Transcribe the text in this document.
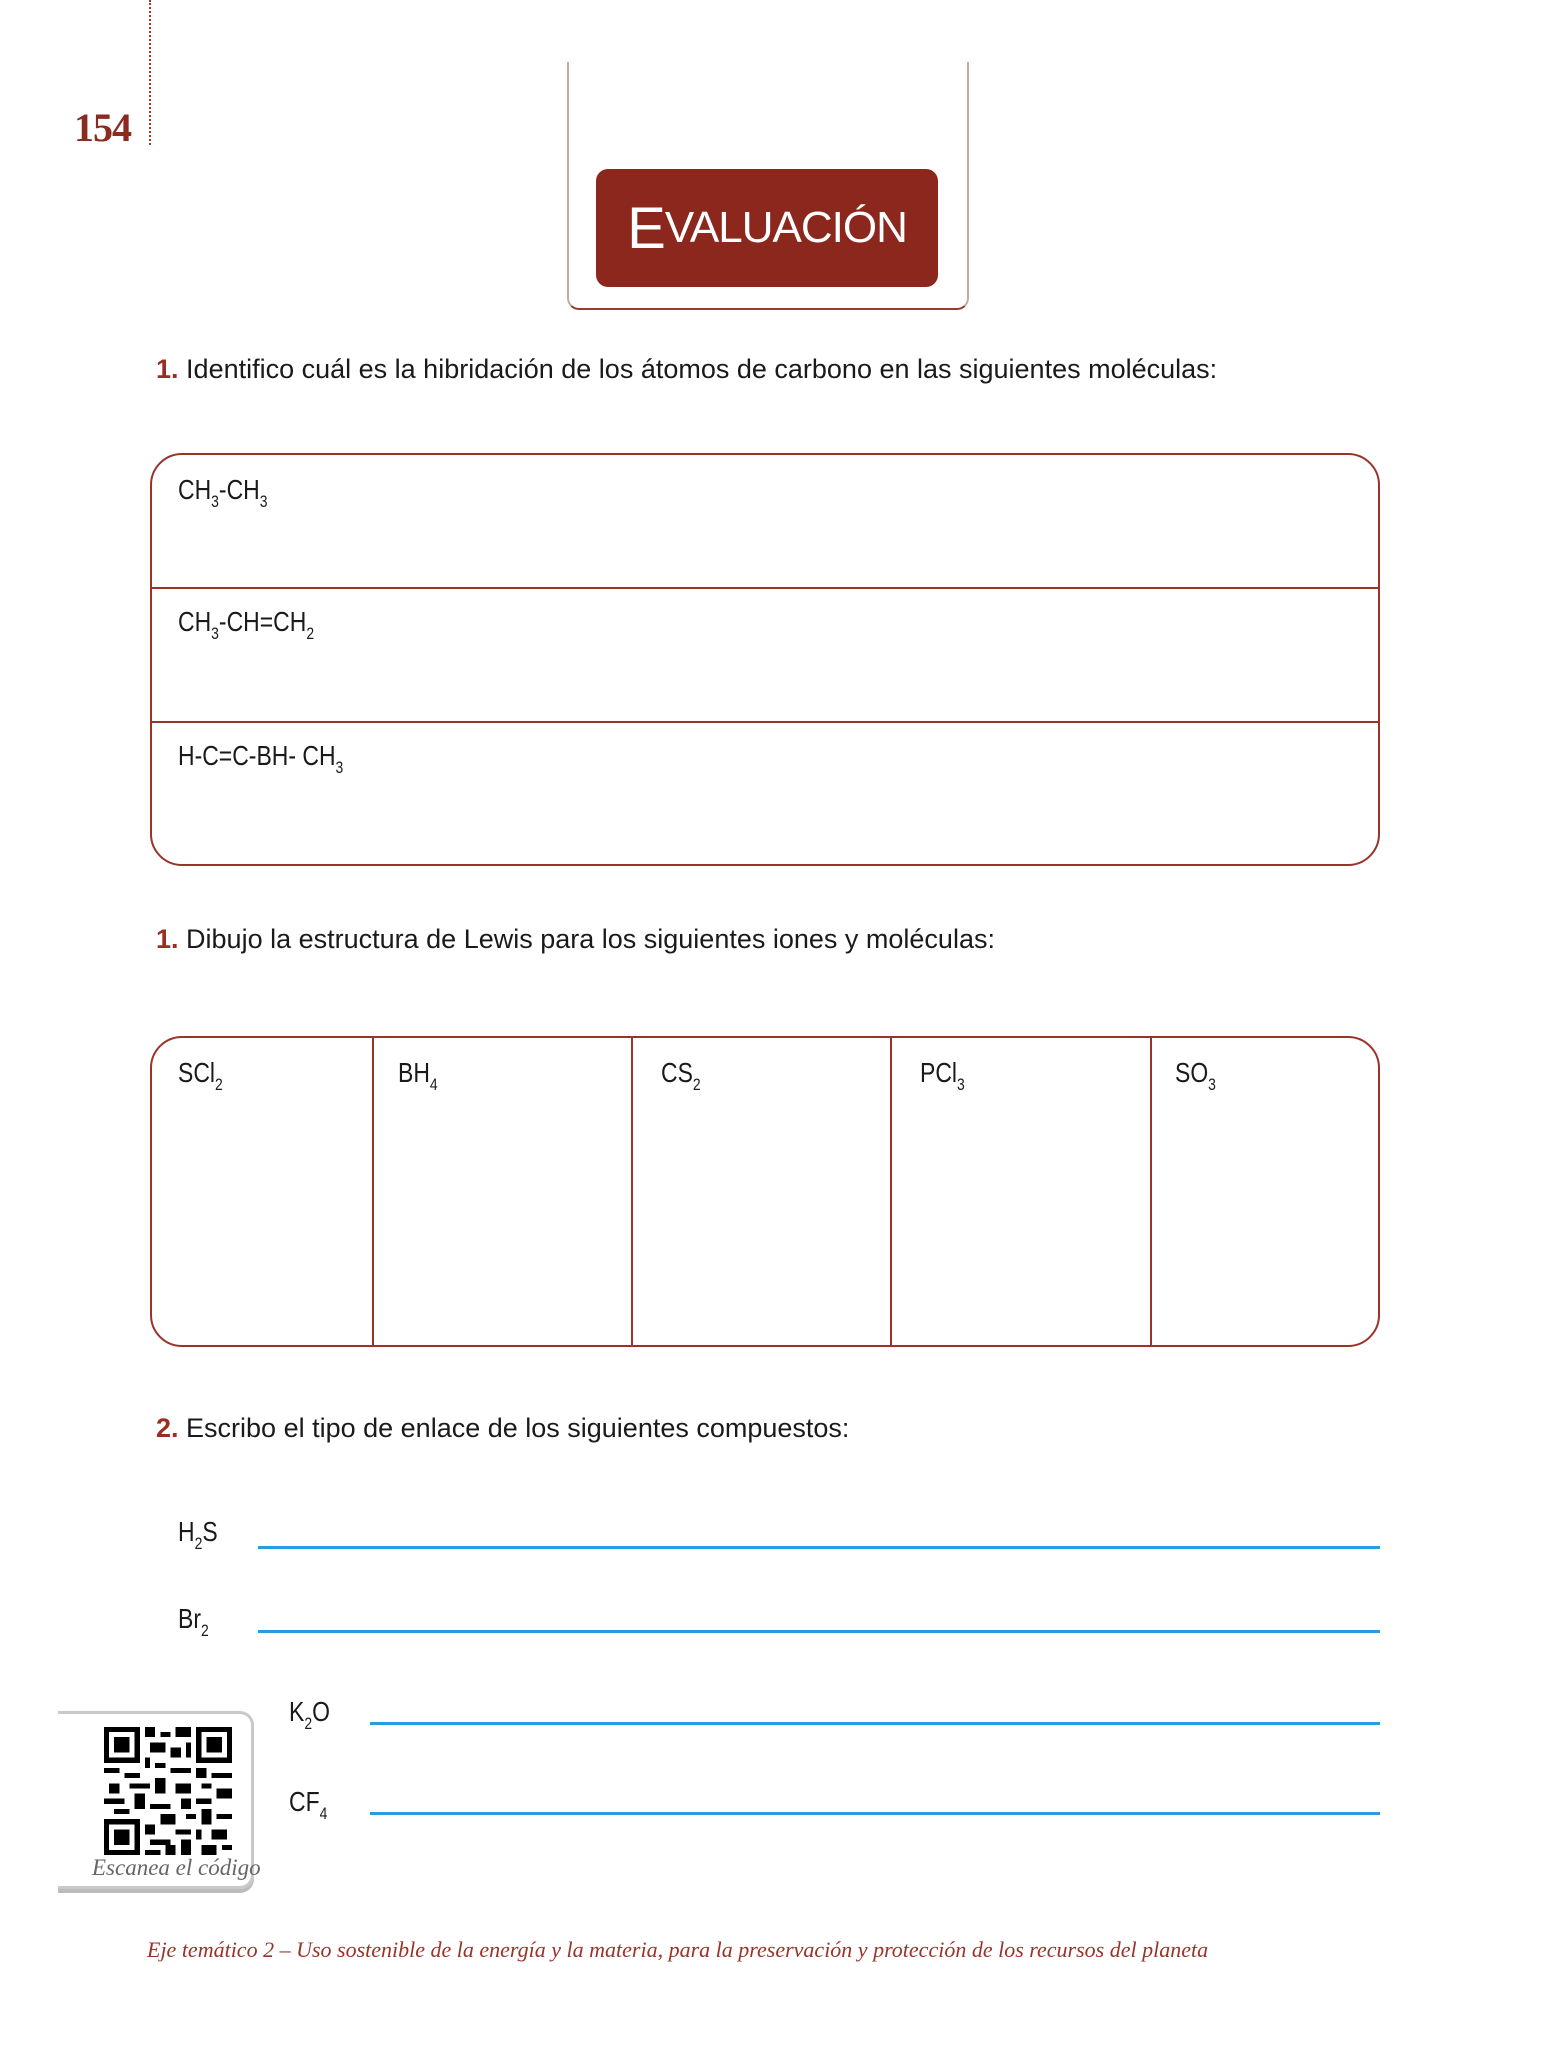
154
E VALUACIÓN
1. Identifico cuál es la hibridación de los átomos de carbono en las siguientes moléculas:
$CH_3-CH_3$
$CH_3-CH=CH_2$
H-C=C-BH- $CH_3$
1. Dibujo la estructura de Lewis para los siguientes iones y moléculas:
SCl$_2$	$BH_4$	$CS_2$	PCl$_3$	$SO_3$
2. Escribo el tipo de enlace de los siguientes compuestos:
$H_2S$
$Br_2$
$K_2O$
$CF_4$
Escanea el código
Eje temático 2 – Uso sostenible de la energía y la materia, para la preservación y protección de los recursos del planeta
